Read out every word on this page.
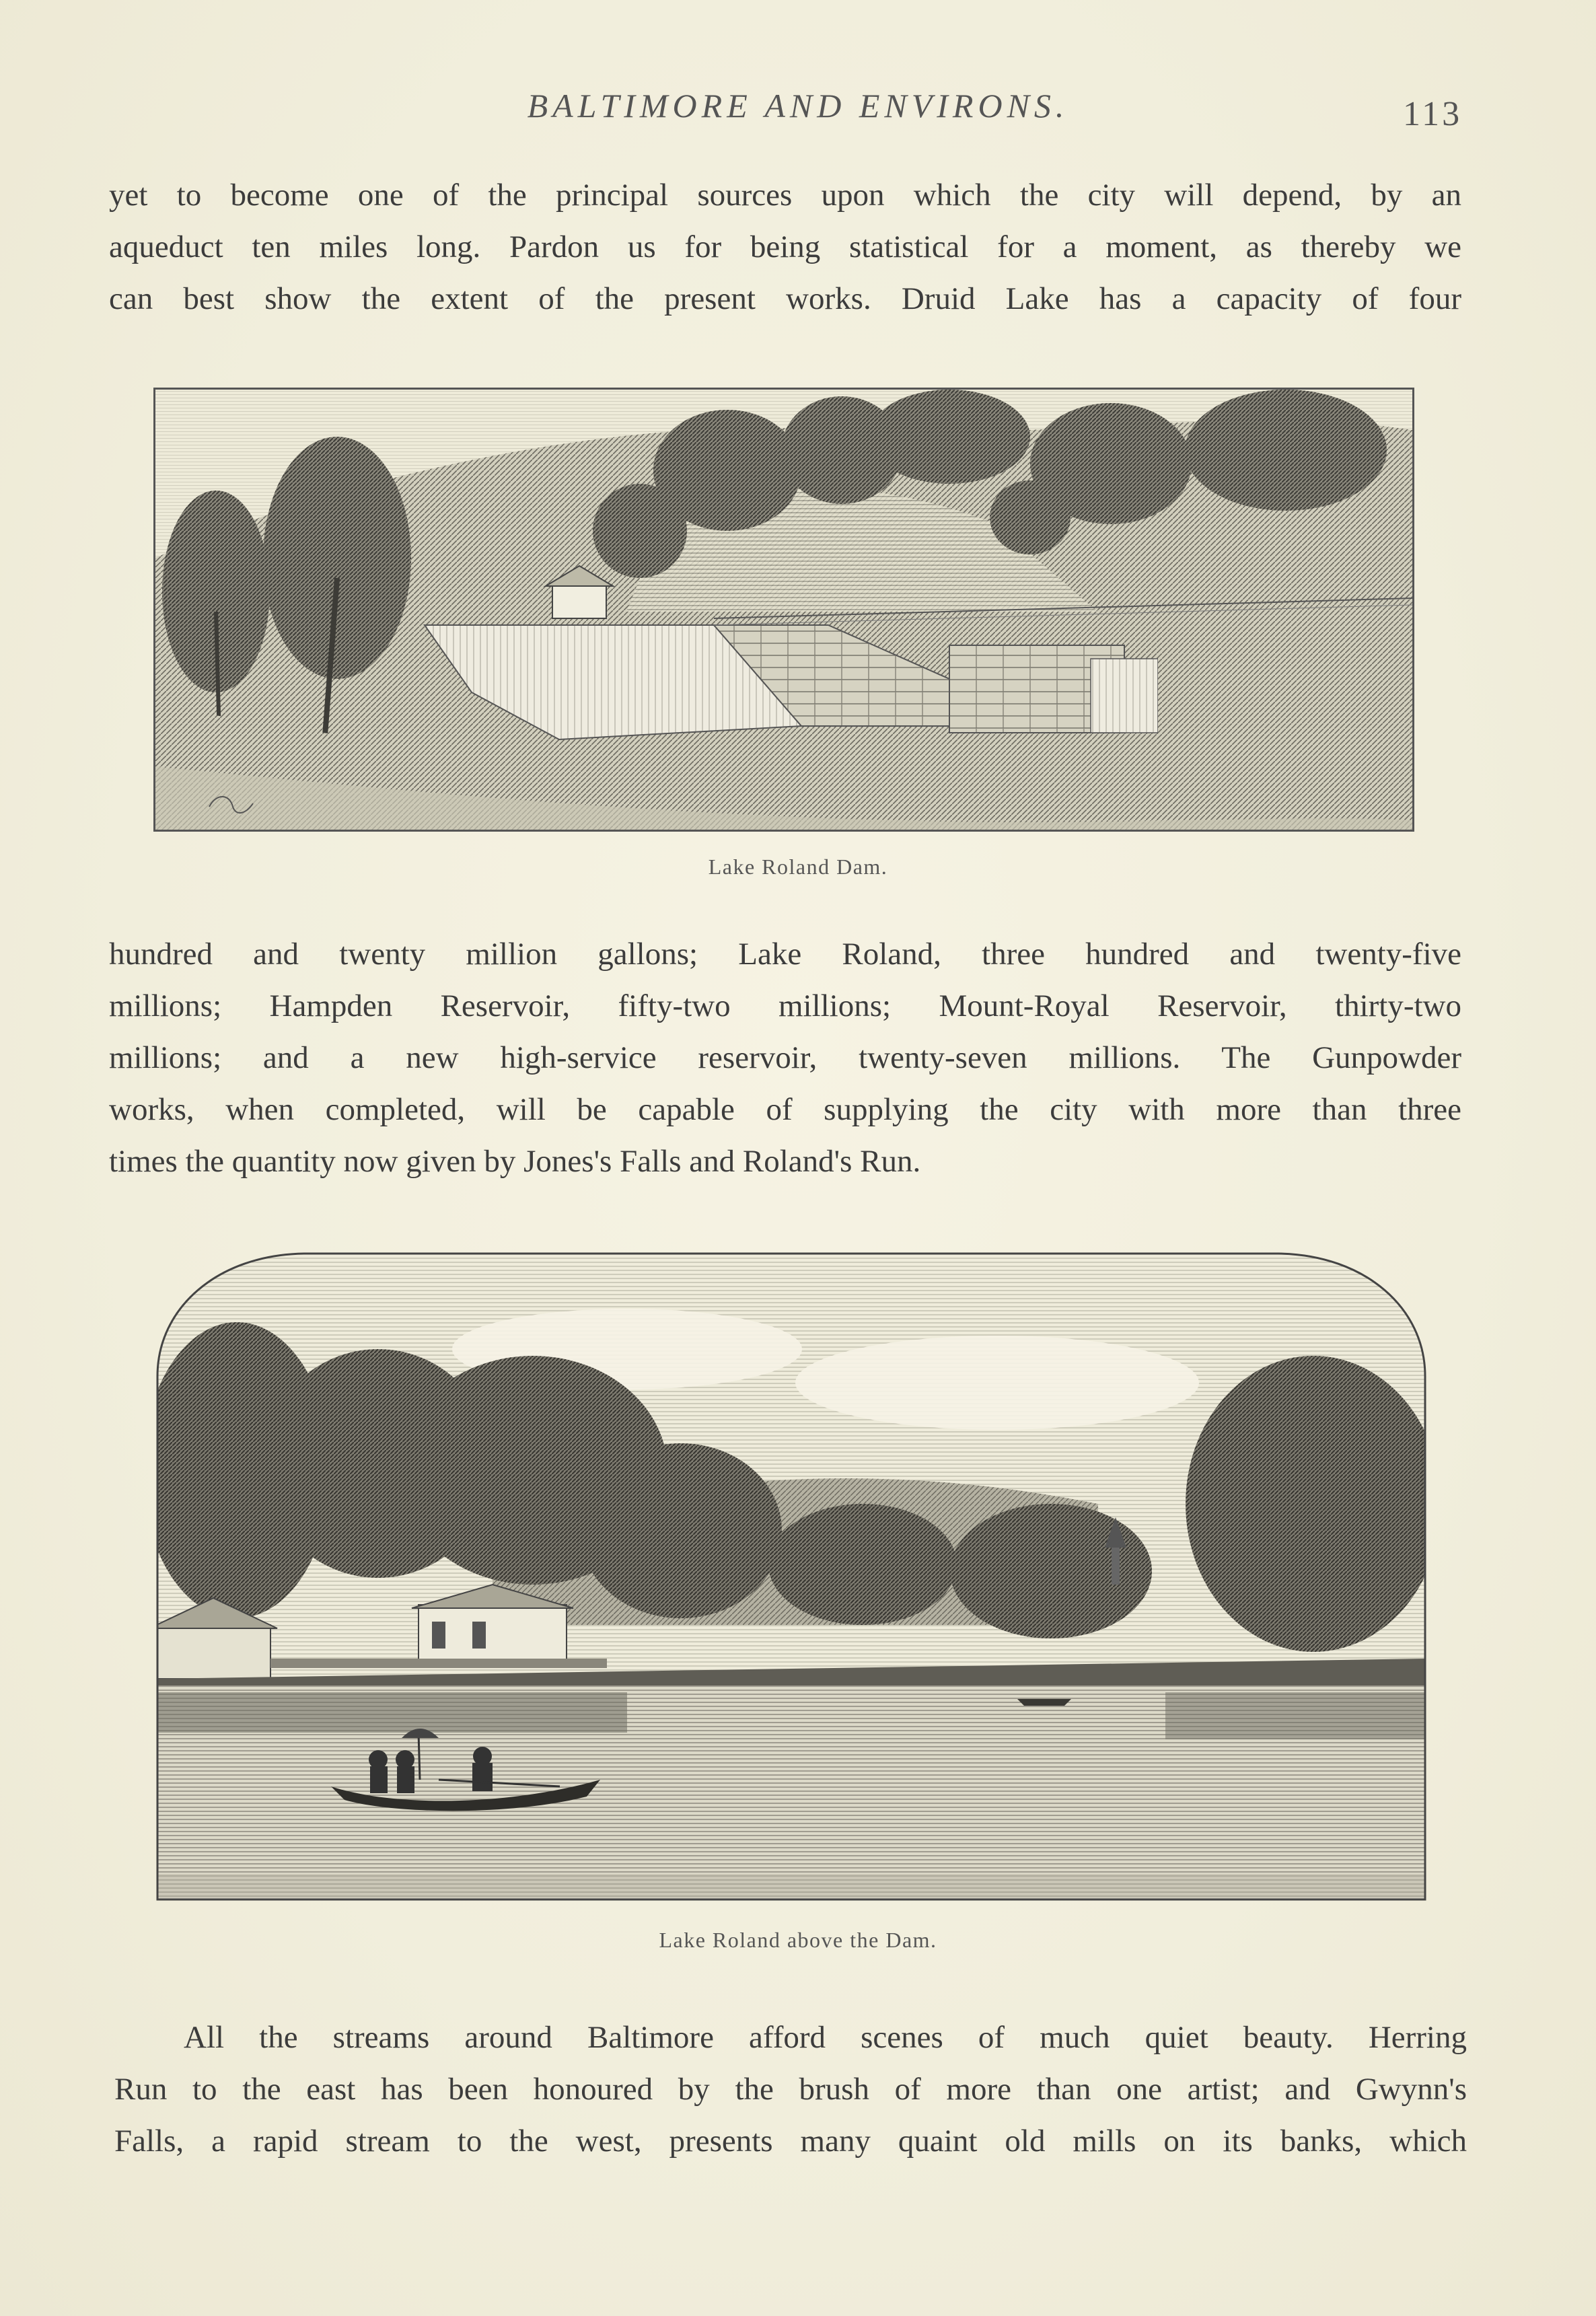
BALTIMORE AND ENVIRONS.	113
yet to become one of the principal sources upon which the city will depend, by an
aqueduct ten miles long. Pardon us for being statistical for a moment, as thereby we
can best show the extent of the present works. Druid Lake has a capacity of four
Lake Roland Dam.
hundred and twenty million gallons; Lake Roland, three hundred and twenty-five
millions; Hampden Reservoir, fifty-two millions; Mount-Royal Reservoir, thirty-two
millions; and a new high-service reservoir, twenty-seven millions. The Gunpowder
works, when completed, will be capable of supplying the city with more than three
times the quantity now given by Jones's Falls and Roland's Run.
Lake Roland above the Dam.
All the streams around Baltimore afford scenes of much quiet beauty. Herring
Run to the east has been honoured by the brush of more than one artist; and Gwynn's
Falls, a rapid stream to the west, presents many quaint old mills on its banks, which
